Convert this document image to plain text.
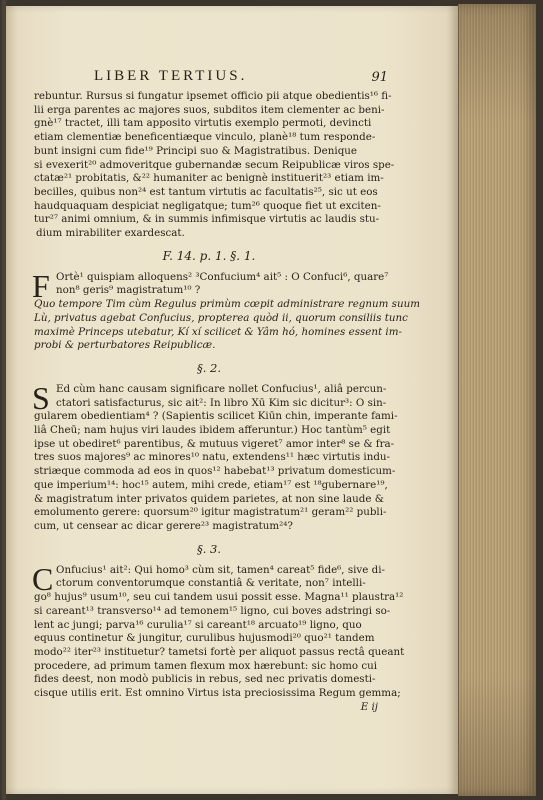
LIBER TERTIUS.	91
rebuntur. Rursus si fungatur ipsemet officio pii atque obedientis¹⁶ fi-
lii erga parentes ac majores suos, subditos item clementer ac beni-
gnè¹⁷ tractet, illi tam apposito virtutis exemplo permoti, devincti
etiam clementiæ beneficentiæque vinculo, planè¹⁸ tum responde-
bunt insigni cum fide¹⁹ Principi suo & Magistratibus. Denique
si evexerit²⁰ admoveritque gubernandæ secum Reipublicæ viros spe-
ctatæ²¹ probitatis, &²² humaniter ac benignè instituerit²³ etiam im-
becilles, quibus non²⁴ est tantum virtutis ac facultatis²⁵, sic ut eos
haudquaquam despiciat negligatque; tum²⁶ quoque fiet ut exciten-
tur²⁷ animi omnium, & in summis infimisque virtutis ac laudis stu-
dium mirabiliter exardescat.
F. 14. p. 1. §. 1.
F Ortè¹ quispiam alloquens² ³Confucium⁴ ait⁵ : O Confuci⁶, quare⁷
non⁸ geris⁹ magistratum¹⁰ ?
Quo tempore Tim cùm Regulus primùm cœpit administrare regnum suum
Lù, privatus agebat Confucius, propterea quòd ii, quorum consiliis tunc
maximè Princeps utebatur, Kí xí scilicet & Yâm hó, homines essent im-
probi & perturbatores Reipublicæ.
§. 2.
S Ed cùm hanc causam significare nollet Confucius¹, aliâ percun-
ctatori satisfacturus, sic ait²: In libro Xū Kim sic dicitur³: O sin-
gularem obedientiam⁴ ? (Sapientis scilicet Kiūn chin, imperante fami-
liâ Cheū; nam hujus viri laudes ibidem afferuntur.) Hoc tantùm⁵ egit
ipse ut obediret⁶ parentibus, & mutuus vigeret⁷ amor inter⁸ se & fra-
tres suos majores⁹ ac minores¹⁰ natu, extendens¹¹ hæc virtutis indu-
striæque commoda ad eos in quos¹² habebat¹³ privatum domesticum-
que imperium¹⁴: hoc¹⁵ autem, mihi crede, etiam¹⁷ est ¹⁸gubernare¹⁹,
& magistratum inter privatos quidem parietes, at non sine laude &
emolumento gerere: quorsum²⁰ igitur magistratum²¹ geram²² publi-
cum, ut censear ac dicar gerere²³ magistratum²⁴?
§. 3.
C Onfucius¹ ait²: Qui homo³ cùm sit, tamen⁴ careat⁵ fide⁶, sive di-
ctorum conventorumque constantiâ & veritate, non⁷ intelli-
go⁸ hujus⁹ usum¹⁰, seu cui tandem usui possit esse. Magna¹¹ plaustra¹²
si careant¹³ transverso¹⁴ ad temonem¹⁵ ligno, cui boves adstringi so-
lent ac jungi; parva¹⁶ curulia¹⁷ si careant¹⁸ arcuato¹⁹ ligno, quo
equus continetur & jungitur, curulibus hujusmodi²⁰ quo²¹ tandem
modo²² iter²³ instituetur? tametsi fortè per aliquot passus rectâ queant
procedere, ad primum tamen flexum mox hærebunt: sic homo cui
fides deest, non modò publicis in rebus, sed nec privatis domesti-
cisque utilis erit. Est omnino Virtus ista preciosissima Regum gemma;
E ij
